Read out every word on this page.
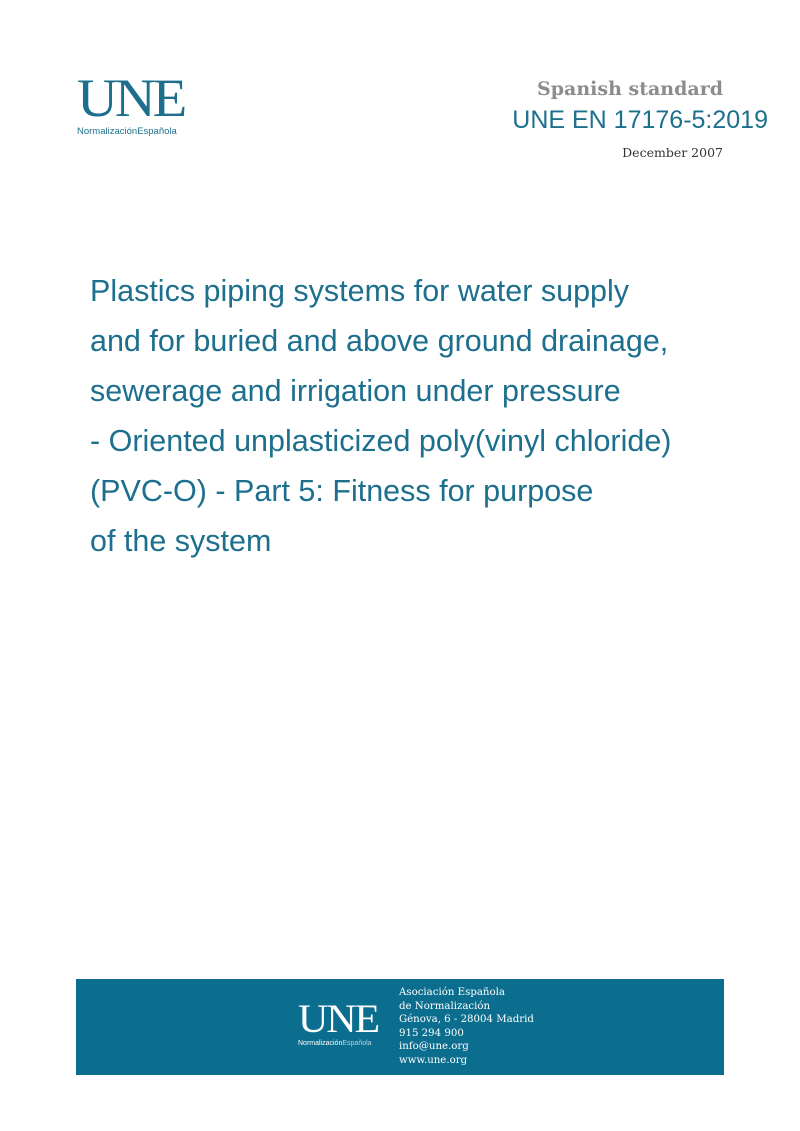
UNE
NormalizaciónEspañola
Spanish standard
UNE EN 17176-5:2019
December 2007
Plastics piping systems for water supply
and for buried and above ground drainage,
sewerage and irrigation under pressure
- Oriented unplasticized poly(vinyl chloride)
(PVC-O) - Part 5: Fitness for purpose
of the system
UNE
NormalizaciónEspañola
Asociación Española
de Normalización
Génova, 6 - 28004 Madrid
915 294 900
info@une.org
www.une.org
